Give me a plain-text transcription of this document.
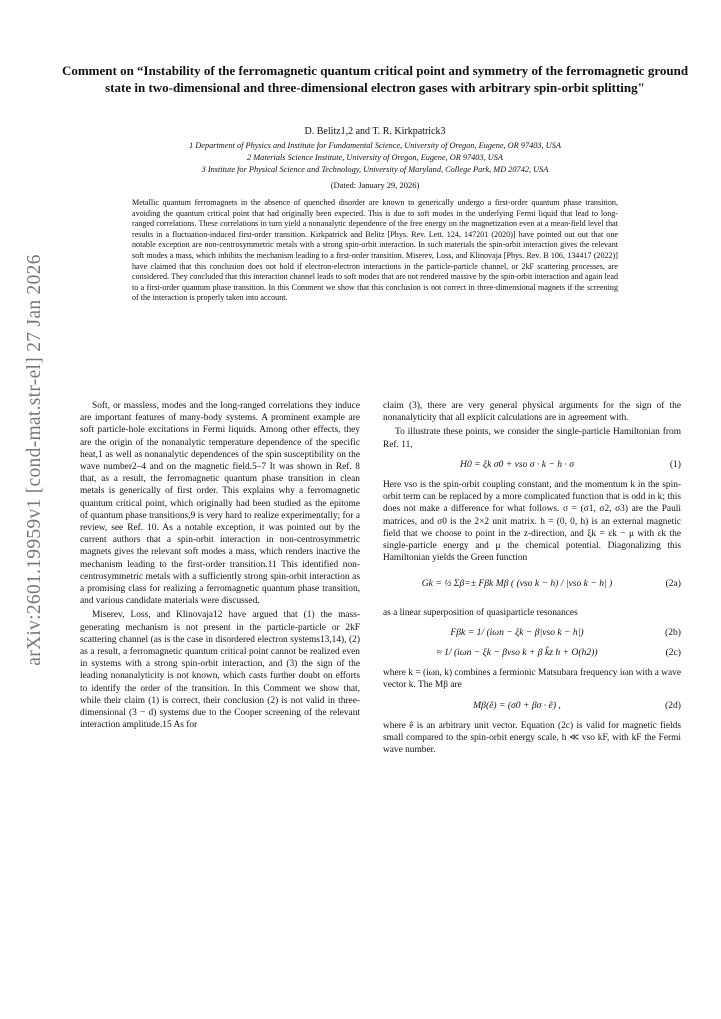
arXiv:2601.19959v1 [cond-mat.str-el] 27 Jan 2026
Comment on “Instability of the ferromagnetic quantum critical point and symmetry of the ferromagnetic ground state in two-dimensional and three-dimensional electron gases with arbitrary spin-orbit splitting"
D. Belitz1,2 and T. R. Kirkpatrick3
1 Department of Physics and Institute for Fundamental Science, University of Oregon, Eugene, OR 97403, USA
2 Materials Science Institute, University of Oregon, Eugene, OR 97403, USA
3 Institute for Physical Science and Technology, University of Maryland, College Park, MD 20742, USA
(Dated: January 29, 2026)
Metallic quantum ferromagnets in the absence of quenched disorder are known to generically undergo a first-order quantum phase transition, avoiding the quantum critical point that had originally been expected. This is due to soft modes in the underlying Fermi liquid that lead to long-ranged correlations. These correlations in turn yield a nonanalytic dependence of the free energy on the magnetization even at a mean-field level that results in a fluctuation-induced first-order transition. Kirkpatrick and Belitz [Phys. Rev. Lett. 124, 147201 (2020)] have pointed out out that one notable exception are non-centrosymmetric metals with a strong spin-orbit interaction. In such materials the spin-orbit interaction gives the relevant soft modes a mass, which inhibits the mechanism leading to a first-order transition. Miserev, Loss, and Klinovaja [Phys. Rev. B 106, 134417 (2022)] have claimed that this conclusion does not hold if electron-electron interactions in the particle-particle channel, or 2kF scattering processes, are considered. They concluded that this interaction channel leads to soft modes that are not rendered massive by the spin-orbit interaction and again lead to a first-order quantum phase transition. In this Comment we show that this conclusion is not correct in three-dimensional magnets if the screening of the interaction is properly taken into account.

Soft, or massless, modes and the long-ranged correlations they induce are important features of many-body systems. A prominent example are soft particle-hole excitations in Fermi liquids. Among other effects, they are the origin of the nonanalytic temperature dependence of the specific heat,1 as well as nonanalytic dependences of the spin susceptibility on the wave number2–4 and on the magnetic field.5–7 It was shown in Ref. 8 that, as a result, the ferromagnetic quantum phase transition in clean metals is generically of first order. This explains why a ferromagnetic quantum critical point, which originally had been studied as the epitome of quantum phase transitions,9 is very hard to realize experimentally; for a review, see Ref. 10. As a notable exception, it was pointed out by the current authors that a spin-orbit interaction in non-centrosymmetric magnets gives the relevant soft modes a mass, which renders inactive the mechanism leading to the first-order transition.11 This identified non-centrosymmetric metals with a sufficiently strong spin-orbit interaction as a promising class for realizing a ferromagnetic quantum phase transition, and various candidate materials were discussed.

Miserev, Loss, and Klinovaja12 have argued that (1) the mass-generating mechanism is not present in the particle-particle or 2kF scattering channel (as is the case in disordered electron systems13,14), (2) as a result, a ferromagnetic quantum critical point cannot be realized even in systems with a strong spin-orbit interaction, and (3) the sign of the leading nonanalyticity is not known, which casts further doubt on efforts to identify the order of the transition. In this Comment we show that, while their claim (1) is correct, their conclusion (2) is not valid in three-dimensional (3 − d) systems due to the Cooper screening of the relevant interaction amplitude.15 As for

claim (3), there are very general physical arguments for the sign of the nonanalyticity that all explicit calculations are in agreement with.

To illustrate these points, we consider the single-particle Hamiltonian from Ref. 11,

H0 = ξk σ0 + vso σ · k − h · σ	(1)

Here vso is the spin-orbit coupling constant, and the momentum k in the spin-orbit term can be replaced by a more complicated function that is odd in k; this does not make a difference for what follows. σ = (σ1, σ2, σ3) are the Pauli matrices, and σ0 is the 2×2 unit matrix. h = (0, 0, h) is an external magnetic field that we choose to point in the z-direction, and ξk = εk − μ with εk the single-particle energy and μ the chemical potential. Diagonalizing this Hamiltonian yields the Green function

Gk = ½ Σβ=± Fβk Mβ ( (vso k − h) / |vso k − h| )	(2a)

as a linear superposition of quasiparticle resonances

Fβk = 1/ (iωn − ξk − β|vso k − h|)	(2b)
≈ 1/ (iωn − ξk − βvso k + β k̂z h + O(h2))	(2c)

where k = (iωn, k) combines a fermionic Matsubara frequency iωn with a wave vector k. The Mβ are

Mβ(ê) = (σ0 + βσ · ê) ,	(2d)

where ê is an arbitrary unit vector. Equation (2c) is valid for magnetic fields small compared to the spin-orbit energy scale, h ≪ vso kF, with kF the Fermi wave number.
